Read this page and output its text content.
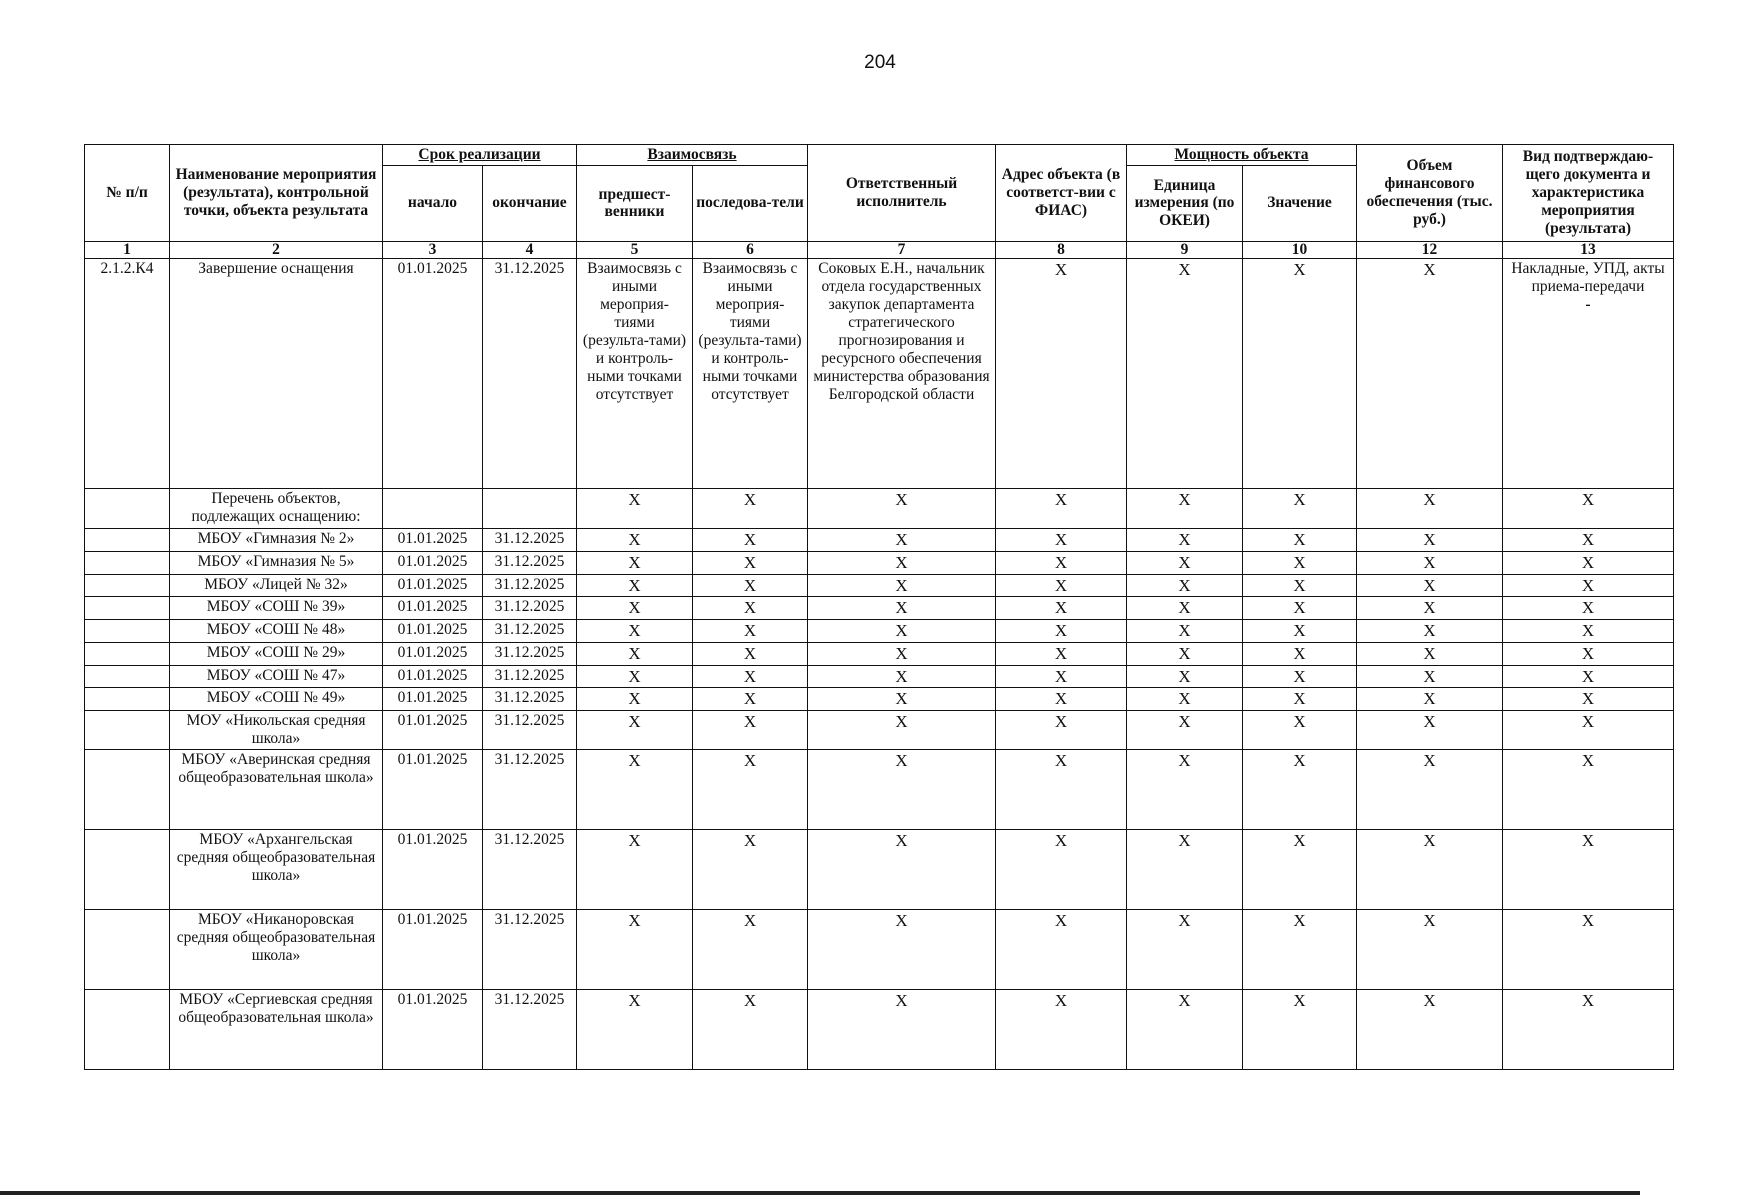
204
№ п/п	Наименование мероприятия (результата), контрольной точки, объекта результата	Срок реализации		Взаимосвязь		Ответственный исполнитель	Адрес объекта (в соответст-вии с ФИАС)	Мощность объекта		Объем финансового обеспечения (тыс. руб.)	Вид подтверждаю-щего документа и характеристика мероприятия (результата)
		начало	окончание	предшест-венники	последова-тели			Единица измерения (по ОКЕИ)	Значение		
1	2	3	4	5	6	7	8	9	10	12	13
2.1.2.К4	Завершение оснащения	01.01.2025	31.12.2025	Взаимосвязь с иными мероприя-тиями (результа-тами) и контроль-ными точками отсутствует	Взаимосвязь с иными мероприя-тиями (результа-тами) и контроль-ными точками отсутствует	Соковых Е.Н., начальник отдела государственных закупок департамента стратегического прогнозирования и ресурсного обеспечения министерства образования Белгородской области	Х	Х	Х	Х	Накладные, УПД, акты приема-передачи
-

	Перечень объектов, подлежащих оснащению:			Х	Х	Х	Х	Х	Х	Х	Х
	МБОУ «Гимназия № 2»	01.01.2025	31.12.2025	Х	Х	Х	Х	Х	Х	Х	Х
	МБОУ «Гимназия № 5»	01.01.2025	31.12.2025	Х	Х	Х	Х	Х	Х	Х	Х
	МБОУ «Лицей № 32»	01.01.2025	31.12.2025	Х	Х	Х	Х	Х	Х	Х	Х
	МБОУ «СОШ № 39»	01.01.2025	31.12.2025	Х	Х	Х	Х	Х	Х	Х	Х
	МБОУ «СОШ № 48»	01.01.2025	31.12.2025	Х	Х	Х	Х	Х	Х	Х	Х
	МБОУ «СОШ № 29»	01.01.2025	31.12.2025	Х	Х	Х	Х	Х	Х	Х	Х
	МБОУ «СОШ № 47»	01.01.2025	31.12.2025	Х	Х	Х	Х	Х	Х	Х	Х
	МБОУ «СОШ № 49»	01.01.2025	31.12.2025	Х	Х	Х	Х	Х	Х	Х	Х
	МОУ «Никольская средняя школа»	01.01.2025	31.12.2025	Х	Х	Х	Х	Х	Х	Х	Х
	МБОУ «Аверинская средняя общеобразовательная школа»	01.01.2025	31.12.2025	Х	Х	Х	Х	Х	Х	Х	Х
	МБОУ «Архангельская средняя общеобразовательная школа»	01.01.2025	31.12.2025	Х	Х	Х	Х	Х	Х	Х	Х
	МБОУ «Никаноровская средняя общеобразовательная школа»	01.01.2025	31.12.2025	Х	Х	Х	Х	Х	Х	Х	Х
	МБОУ «Сергиевская средняя общеобразовательная школа»	01.01.2025	31.12.2025	Х	Х	Х	Х	Х	Х	Х	Х
